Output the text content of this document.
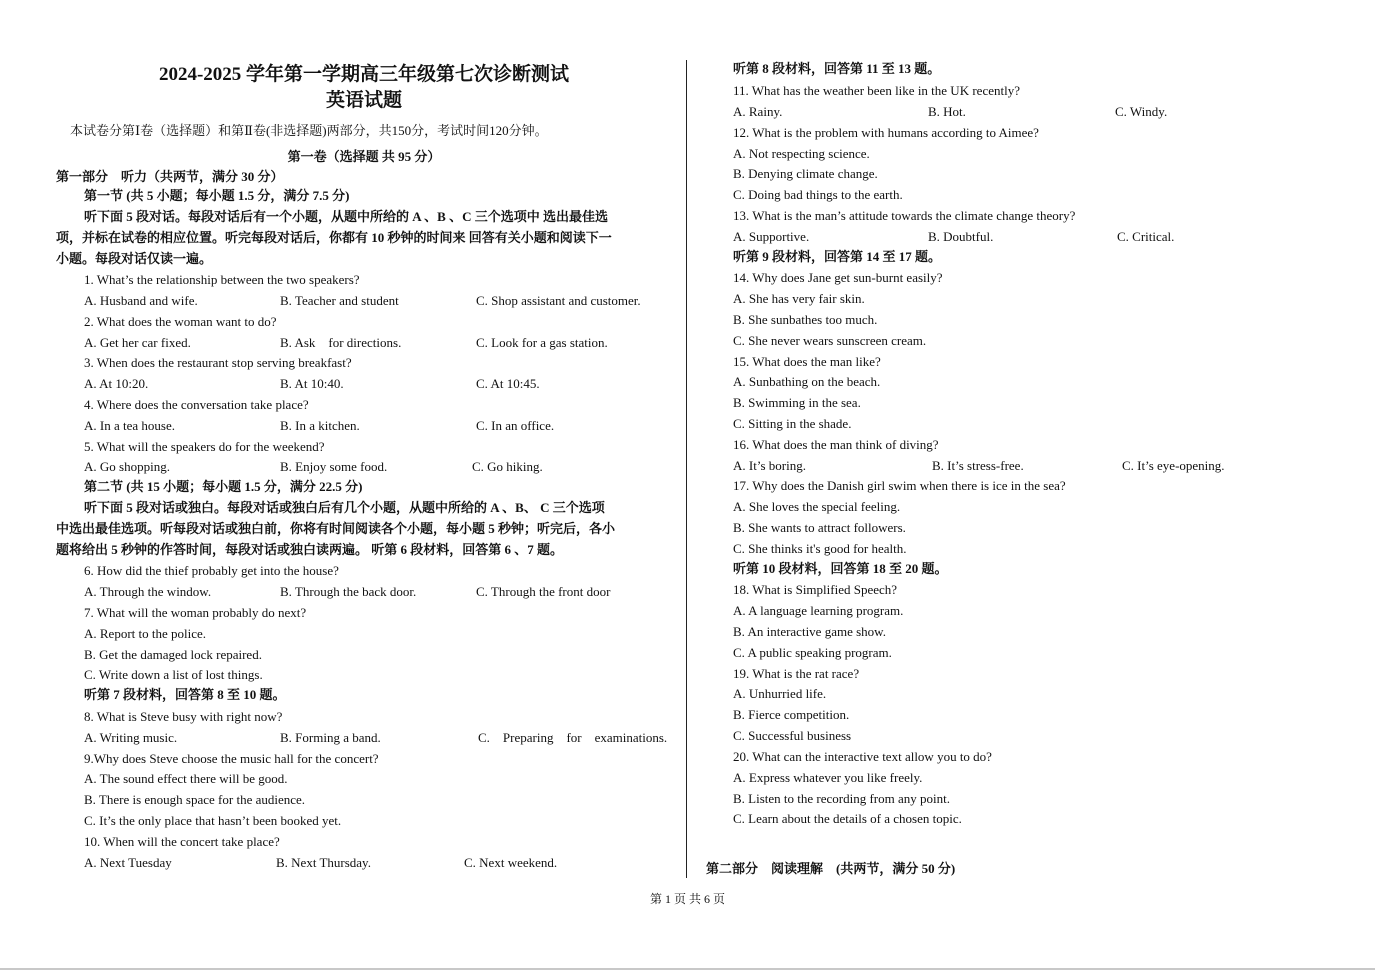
2024-2025 学年第一学期高三年级第七次诊断测试
英语试题
本试卷分第Ⅰ卷（选择题）和第Ⅱ卷(非选择题)两部分，共150分，考试时间120分钟。
第一卷（选择题 共 95 分）
第一部分　听力（共两节，满分 30 分）
第一节 (共 5 小题；每小题 1.5 分，满分 7.5 分)
听下面 5 段对话。每段对话后有一个小题，从题中所给的 A 、B 、C 三个选项中 选出最佳选
项，并标在试卷的相应位置。听完每段对话后，你都有 10 秒钟的时间来 回答有关小题和阅读下一
小题。每段对话仅读一遍。
1. What’s the relationship between the two speakers?
A. Husband and wife.	B. Teacher and student	C. Shop assistant and customer.
2. What does the woman want to do?
A. Get her car fixed.	B. Ask　for directions.	C. Look for a gas station.
3. When does the restaurant stop serving breakfast?
A. At 10:20.	B. At 10:40.	C. At 10:45.
4. Where does the conversation take place?
A. In a tea house.	B. In a kitchen.	C. In an office.
5. What will the speakers do for the weekend?
A. Go shopping.	B. Enjoy some food.	C. Go hiking.
第二节 (共 15 小题；每小题 1.5 分，满分 22.5 分)
听下面 5 段对话或独白。每段对话或独白后有几个小题，从题中所给的 A 、B、 C 三个选项
中选出最佳选项。听每段对话或独白前，你将有时间阅读各个小题，每小题 5 秒钟；听完后，各小
题将给出 5 秒钟的作答时间，每段对话或独白读两遍。 听第 6 段材料，回答第 6 、7 题。
6. How did the thief probably get into the house?
A. Through the window.	B. Through the back door.	C. Through the front door
7. What will the woman probably do next?
A. Report to the police.
B. Get the damaged lock repaired.
C. Write down a list of lost things.
听第 7 段材料，回答第 8 至 10 题。
8. What is Steve busy with right now?
A. Writing music.	B. Forming a band.	C.　Preparing　for　examinations.
9.Why does Steve choose the music hall for the concert?
A. The sound effect there will be good.
B. There is enough space for the audience.
C. It’s the only place that hasn’t been booked yet.
10. When will the concert take place?
A. Next Tuesday	B. Next Thursday.	C. Next weekend.
听第 8 段材料，回答第 11 至 13 题。
11. What has the weather been like in the UK recently?
A. Rainy.	B. Hot.	C. Windy.
12. What is the problem with humans according to Aimee?
A. Not respecting science.
B. Denying climate change.
C. Doing bad things to the earth.
13. What is the man’s attitude towards the climate change theory?
A. Supportive.	B. Doubtful.	C. Critical.
听第 9 段材料，回答第 14 至 17 题。
14. Why does Jane get sun-burnt easily?
A. She has very fair skin.
B. She sunbathes too much.
C. She never wears sunscreen cream.
15. What does the man like?
A. Sunbathing on the beach.
B. Swimming in the sea.
C. Sitting in the shade.
16. What does the man think of diving?
A. It’s boring.	B. It’s stress-free.	C. It’s eye-opening.
17. Why does the Danish girl swim when there is ice in the sea?
A. She loves the special feeling.
B. She wants to attract followers.
C. She thinks it's good for health.
听第 10 段材料，回答第 18 至 20 题。
18. What is Simplified Speech?
A. A language learning program.
B. An interactive game show.
C. A public speaking program.
19. What is the rat race?
A. Unhurried life.
B. Fierce competition.
C. Successful business
20. What can the interactive text allow you to do?
A. Express whatever you like freely.
B. Listen to the recording from any point.
C. Learn about the details of a chosen topic.
第二部分　阅读理解　(共两节，满分 50 分)
第 1 页 共 6 页
